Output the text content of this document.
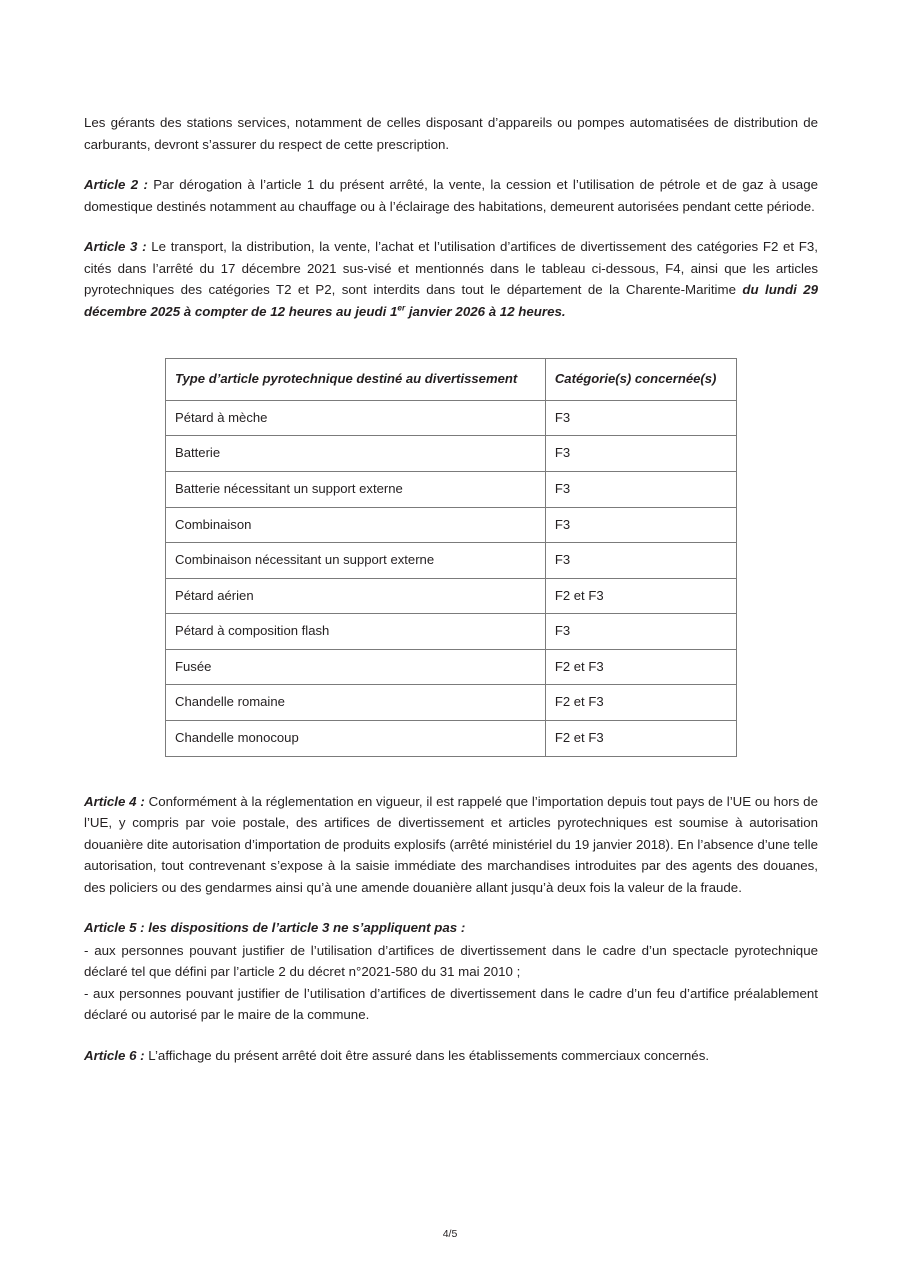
Les gérants des stations services, notamment de celles disposant d’appareils ou pompes automatisées de distribution de carburants, devront s’assurer du respect de cette prescription.

Article 2 : Par dérogation à l’article 1 du présent arrêté, la vente, la cession et l’utilisation de pétrole et de gaz à usage domestique destinés notamment au chauffage ou à l’éclairage des habitations, demeurent autorisées pendant cette période.

Article 3 : Le transport, la distribution, la vente, l’achat et l’utilisation d’artifices de divertissement des catégories F2 et F3, cités dans l’arrêté du 17 décembre 2021 sus-visé et mentionnés dans le tableau ci-dessous, F4, ainsi que les articles pyrotechniques des catégories T2 et P2, sont interdits dans tout le département de la Charente-Maritime du lundi 29 décembre 2025 à compter de 12 heures au jeudi 1er janvier 2026 à 12 heures.

Type d’article pyrotechnique destiné au divertissement	Catégorie(s) concernée(s)
Pétard à mèche	F3
Batterie	F3
Batterie nécessitant un support externe	F3
Combinaison	F3
Combinaison nécessitant un support externe	F3
Pétard aérien	F2 et F3
Pétard à composition flash	F3
Fusée	F2 et F3
Chandelle romaine	F2 et F3
Chandelle monocoup	F2 et F3

Article 4 : Conformément à la réglementation en vigueur, il est rappelé que l’importation depuis tout pays de l’UE ou hors de l’UE, y compris par voie postale, des artifices de divertissement et articles pyrotechniques est soumise à autorisation douanière dite autorisation d’importation de produits explosifs (arrêté ministériel du 19 janvier 2018). En l’absence d’une telle autorisation, tout contrevenant s’expose à la saisie immédiate des marchandises introduites par des agents des douanes, des policiers ou des gendarmes ainsi qu’à une amende douanière allant jusqu’à deux fois la valeur de la fraude.

Article 5 : les dispositions de l’article 3 ne s’appliquent pas :

- aux personnes pouvant justifier de l’utilisation d’artifices de divertissement dans le cadre d’un spectacle pyrotechnique déclaré tel que défini par l’article 2 du décret n°2021-580 du 31 mai 2010 ;

- aux personnes pouvant justifier de l’utilisation d’artifices de divertissement dans le cadre d’un feu d’artifice préalablement déclaré ou autorisé par le maire de la commune.

Article 6 : L’affichage du présent arrêté doit être assuré dans les établissements commerciaux concernés.

4/5
